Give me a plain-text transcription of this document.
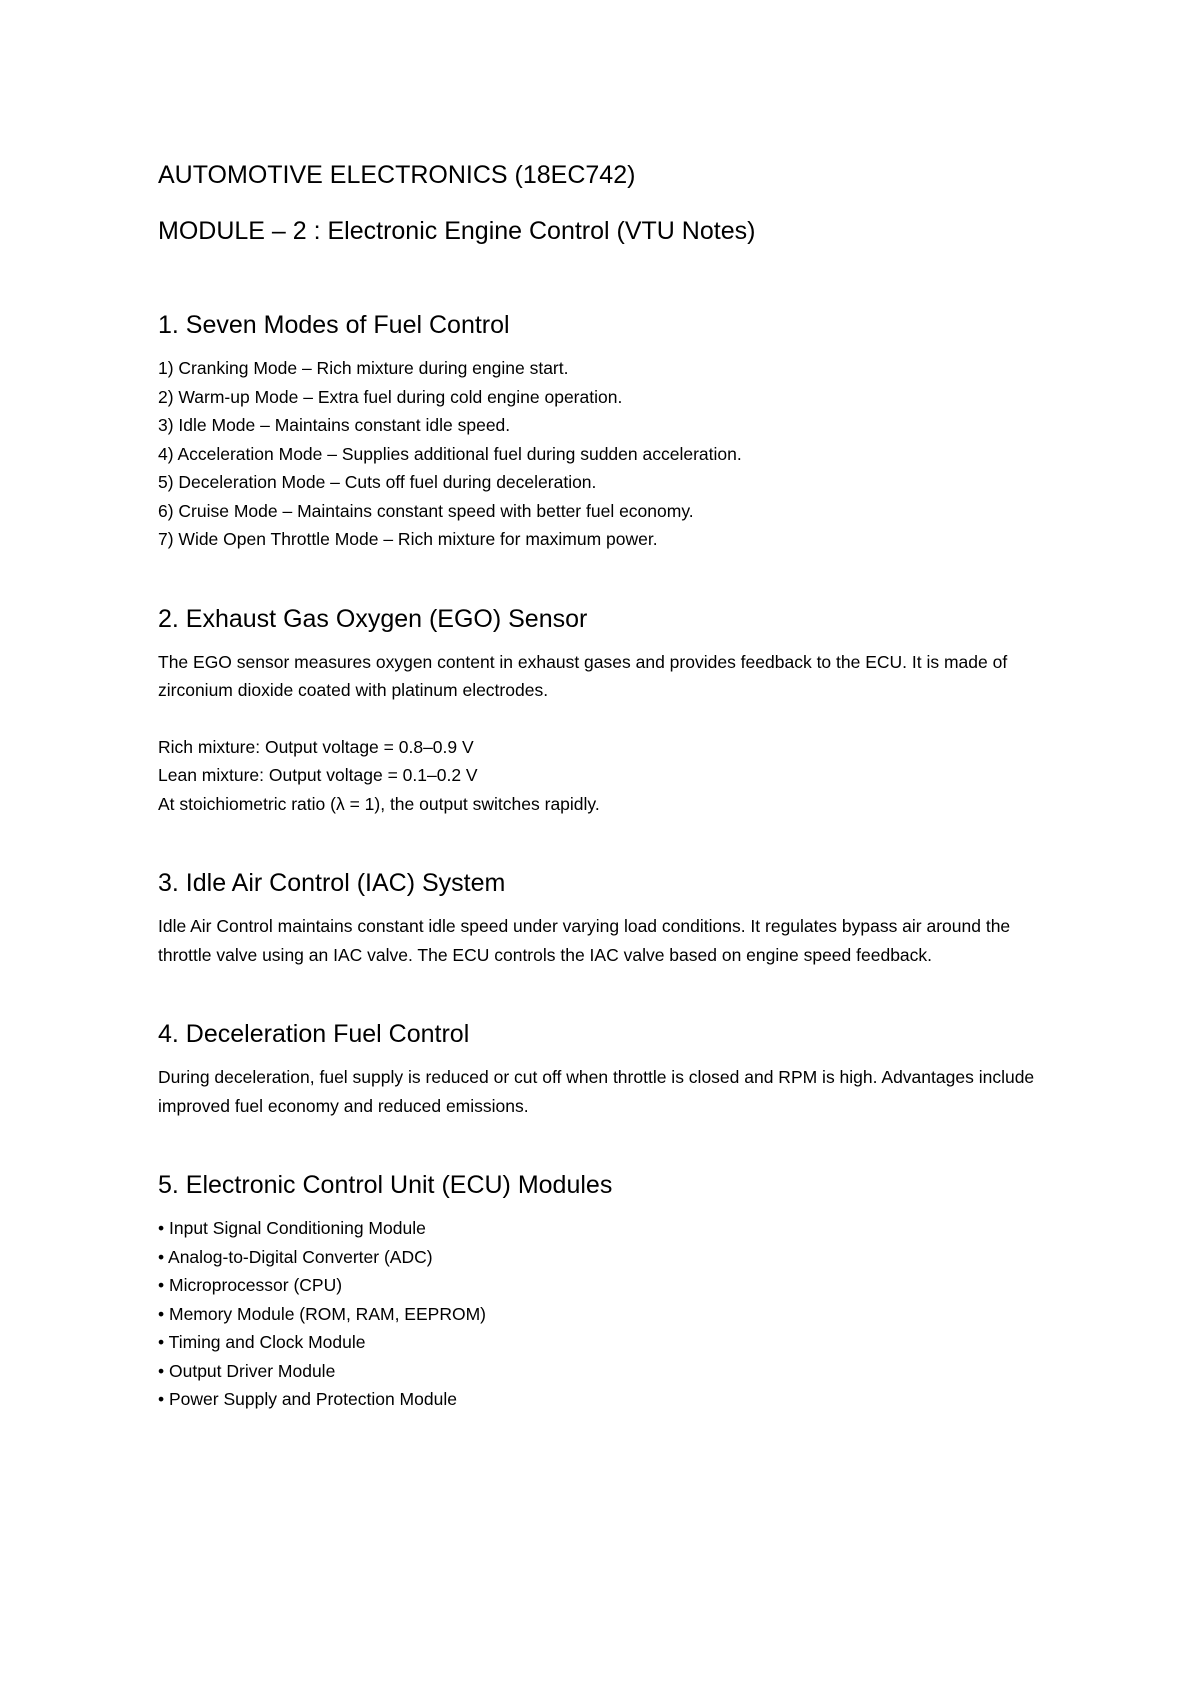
AUTOMOTIVE ELECTRONICS (18EC742)
MODULE – 2 : Electronic Engine Control (VTU Notes)
1. Seven Modes of Fuel Control
1) Cranking Mode – Rich mixture during engine start.
2) Warm-up Mode – Extra fuel during cold engine operation.
3) Idle Mode – Maintains constant idle speed.
4) Acceleration Mode – Supplies additional fuel during sudden acceleration.
5) Deceleration Mode – Cuts off fuel during deceleration.
6) Cruise Mode – Maintains constant speed with better fuel economy.
7) Wide Open Throttle Mode – Rich mixture for maximum power.
2. Exhaust Gas Oxygen (EGO) Sensor

The EGO sensor measures oxygen content in exhaust gases and provides feedback to the ECU. It is made of zirconium dioxide coated with platinum electrodes.

Rich mixture: Output voltage = 0.8–0.9 V

Lean mixture: Output voltage = 0.1–0.2 V

At stoichiometric ratio (λ = 1), the output switches rapidly.

3. Idle Air Control (IAC) System

Idle Air Control maintains constant idle speed under varying load conditions. It regulates bypass air around the throttle valve using an IAC valve. The ECU controls the IAC valve based on engine speed feedback.

4. Deceleration Fuel Control

During deceleration, fuel supply is reduced or cut off when throttle is closed and RPM is high. Advantages include improved fuel economy and reduced emissions.

5. Electronic Control Unit (ECU) Modules
• Input Signal Conditioning Module
• Analog-to-Digital Converter (ADC)
• Microprocessor (CPU)
• Memory Module (ROM, RAM, EEPROM)
• Timing and Clock Module
• Output Driver Module
• Power Supply and Protection Module
